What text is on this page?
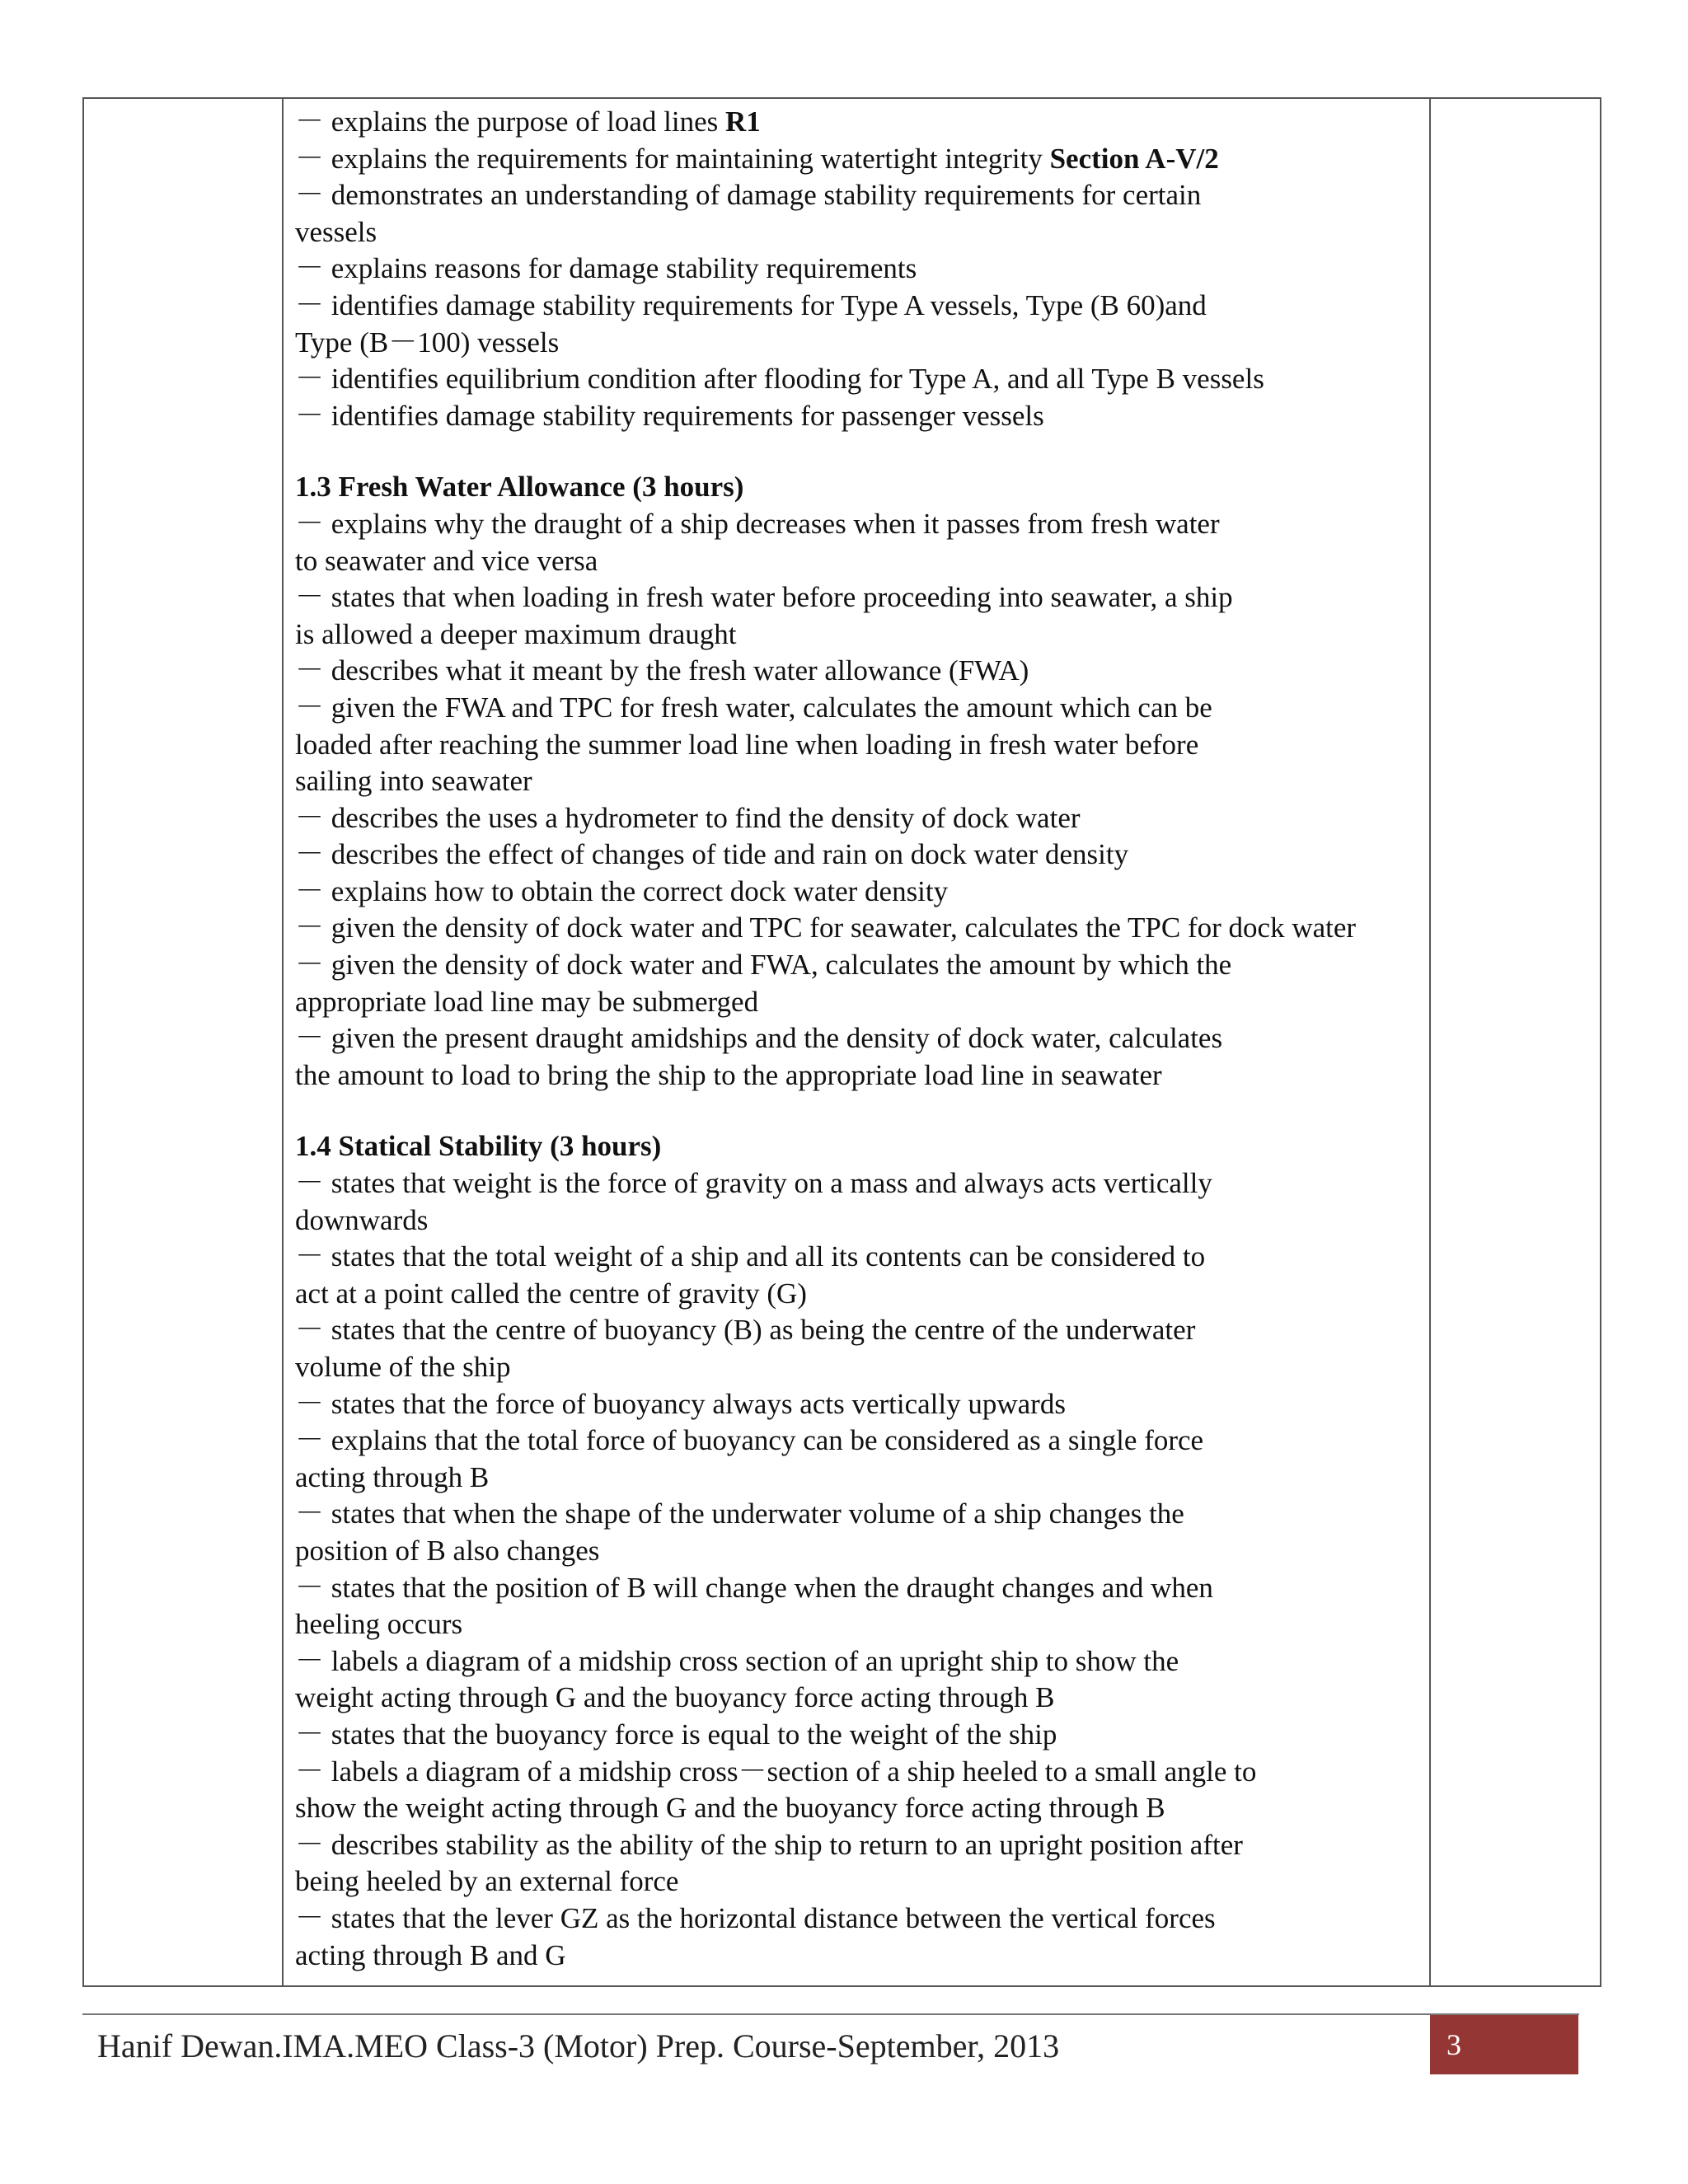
－ explains the purpose of load lines R1
－ explains the requirements for maintaining watertight integrity Section A-V/2
－ demonstrates an understanding of damage stability requirements for certain
vessels
－ explains reasons for damage stability requirements
－ identifies damage stability requirements for Type A vessels, Type (B 60)and
Type (B－100) vessels
－ identifies equilibrium condition after flooding for Type A, and all Type B vessels
－ identifies damage stability requirements for passenger vessels
1.3 Fresh Water Allowance (3 hours)
－ explains why the draught of a ship decreases when it passes from fresh water
to seawater and vice versa
－ states that when loading in fresh water before proceeding into seawater, a ship
is allowed a deeper maximum draught
－ describes what it meant by the fresh water allowance (FWA)
－ given the FWA and TPC for fresh water, calculates the amount which can be
loaded after reaching the summer load line when loading in fresh water before
sailing into seawater
－ describes the uses a hydrometer to find the density of dock water
－ describes the effect of changes of tide and rain on dock water density
－ explains how to obtain the correct dock water density
－ given the density of dock water and TPC for seawater, calculates the TPC for dock water
－ given the density of dock water and FWA, calculates the amount by which the
appropriate load line may be submerged
－ given the present draught amidships and the density of dock water, calculates
the amount to load to bring the ship to the appropriate load line in seawater
1.4 Statical Stability (3 hours)
－ states that weight is the force of gravity on a mass and always acts vertically
downwards
－ states that the total weight of a ship and all its contents can be considered to
act at a point called the centre of gravity (G)
－ states that the centre of buoyancy (B) as being the centre of the underwater
volume of the ship
－ states that the force of buoyancy always acts vertically upwards
－ explains that the total force of buoyancy can be considered as a single force
acting through B
－ states that when the shape of the underwater volume of a ship changes the
position of B also changes
－ states that the position of B will change when the draught changes and when
heeling occurs
－ labels a diagram of a midship cross section of an upright ship to show the
weight acting through G and the buoyancy force acting through B
－ states that the buoyancy force is equal to the weight of the ship
－ labels a diagram of a midship cross－section of a ship heeled to a small angle to
show the weight acting through G and the buoyancy force acting through B
－ describes stability as the ability of the ship to return to an upright position after
being heeled by an external force
－ states that the lever GZ as the horizontal distance between the vertical forces
acting through B and G
Hanif Dewan.IMA.MEO Class-3 (Motor) Prep. Course-September, 2013	3
